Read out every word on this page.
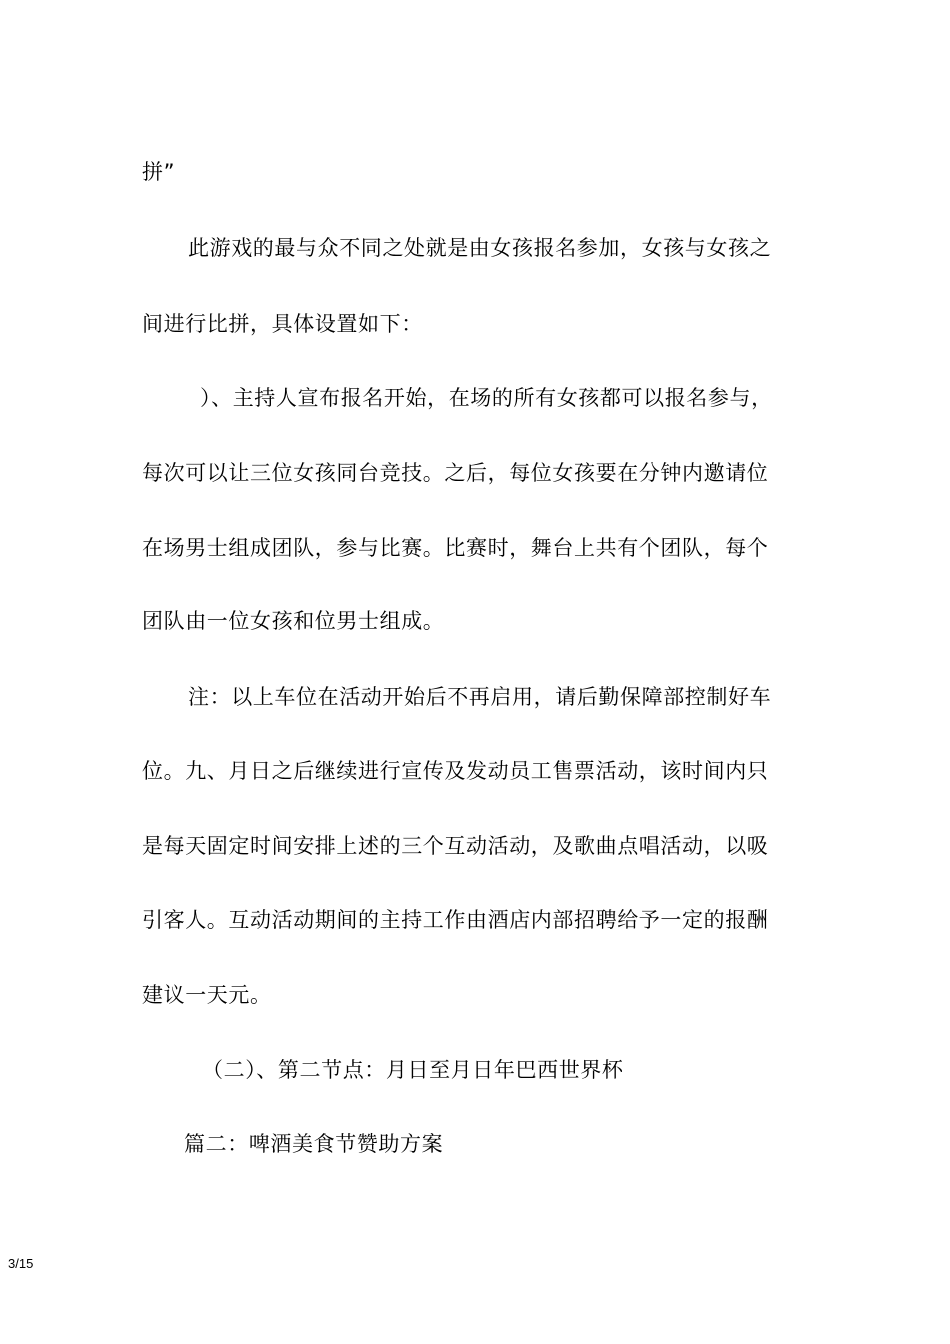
拼”
此游戏的最与众不同之处就是由女孩报名参加，女孩与女孩之
间进行比拼，具体设置如下：
）、主持人宣布报名开始，在场的所有女孩都可以报名参与，
每次可以让三位女孩同台竞技。之后，每位女孩要在分钟内邀请位
在场男士组成团队，参与比赛。比赛时，舞台上共有个团队，每个
团队由一位女孩和位男士组成。
注：以上车位在活动开始后不再启用，请后勤保障部控制好车
位。九、月日之后继续进行宣传及发动员工售票活动，该时间内只
是每天固定时间安排上述的三个互动活动，及歌曲点唱活动，以吸
引客人。互动活动期间的主持工作由酒店内部招聘给予一定的报酬
建议一天元。
（二）、第二节点：月日至月日年巴西世界杯
篇二：啤酒美食节赞助方案
3/15
